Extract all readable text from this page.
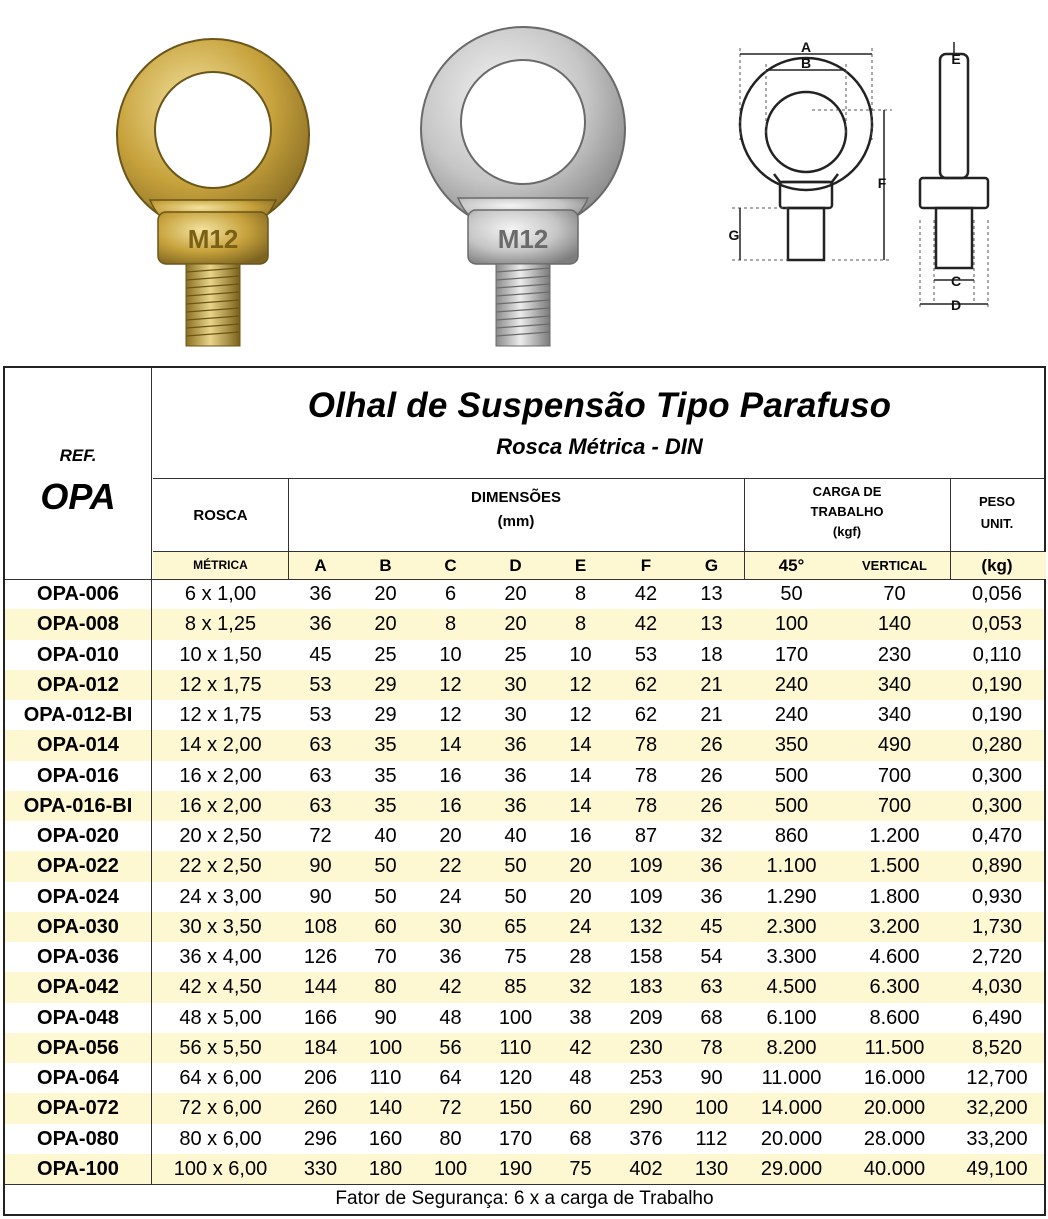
M12	M12
A
B
C
D
E
F
G
Olhal de Suspensão Tipo Parafuso
Rosca Métrica - DIN
REF.
OPA	ROSCA
DIMENSÕES
(mm)
CARGA DE
TRABALHO
(kgf)
PESO
UNIT.
MÉTRICA	A	B	C	D	E	F	G	45°	VERTICAL	(kg)
OPA-006	6 x 1,00	36	20	6	20	8	42	13	50	70	0,056
OPA-008	8 x 1,25	36	20	8	20	8	42	13	100	140	0,053
OPA-010	10 x 1,50	45	25	10	25	10	53	18	170	230	0,110
OPA-012	12 x 1,75	53	29	12	30	12	62	21	240	340	0,190
OPA-012-BI	12 x 1,75	53	29	12	30	12	62	21	240	340	0,190
OPA-014	14 x 2,00	63	35	14	36	14	78	26	350	490	0,280
OPA-016	16 x 2,00	63	35	16	36	14	78	26	500	700	0,300
OPA-016-BI	16 x 2,00	63	35	16	36	14	78	26	500	700	0,300
OPA-020	20 x 2,50	72	40	20	40	16	87	32	860	1.200	0,470
OPA-022	22 x 2,50	90	50	22	50	20	109	36	1.100	1.500	0,890
OPA-024	24 x 3,00	90	50	24	50	20	109	36	1.290	1.800	0,930
OPA-030	30 x 3,50	108	60	30	65	24	132	45	2.300	3.200	1,730
OPA-036	36 x 4,00	126	70	36	75	28	158	54	3.300	4.600	2,720
OPA-042	42 x 4,50	144	80	42	85	32	183	63	4.500	6.300	4,030
OPA-048	48 x 5,00	166	90	48	100	38	209	68	6.100	8.600	6,490
OPA-056	56 x 5,50	184	100	56	110	42	230	78	8.200	11.500	8,520
OPA-064	64 x 6,00	206	110	64	120	48	253	90	11.000	16.000	12,700
OPA-072	72 x 6,00	260	140	72	150	60	290	100	14.000	20.000	32,200
OPA-080	80 x 6,00	296	160	80	170	68	376	112	20.000	28.000	33,200
OPA-100	100 x 6,00	330	180	100	190	75	402	130	29.000	40.000	49,100
Fator de Segurança: 6 x a carga de Trabalho
